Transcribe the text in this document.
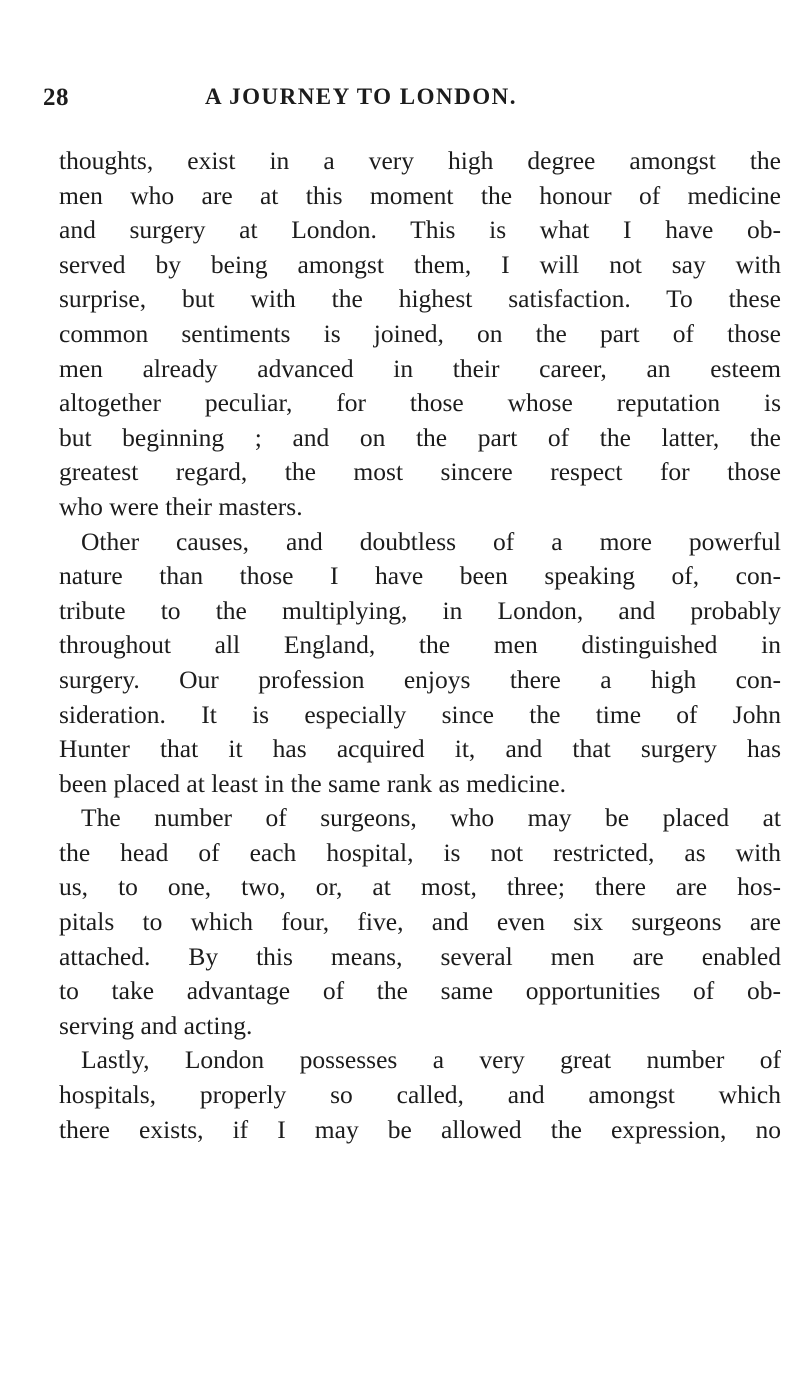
28	A JOURNEY TO LONDON.
thoughts, exist in a very high degree amongst the
men who are at this moment the honour of medicine
and surgery at London. This is what I have ob-
served by being amongst them, I will not say with
surprise, but with the highest satisfaction. To these
common sentiments is joined, on the part of those
men already advanced in their career, an esteem
altogether peculiar, for those whose reputation is
but beginning ; and on the part of the latter, the
greatest regard, the most sincere respect for those
who were their masters.
Other causes, and doubtless of a more powerful
nature than those I have been speaking of, con-
tribute to the multiplying, in London, and probably
throughout all England, the men distinguished in
surgery. Our profession enjoys there a high con-
sideration. It is especially since the time of John
Hunter that it has acquired it, and that surgery has
been placed at least in the same rank as medicine.
The number of surgeons, who may be placed at
the head of each hospital, is not restricted, as with
us, to one, two, or, at most, three; there are hos-
pitals to which four, five, and even six surgeons are
attached. By this means, several men are enabled
to take advantage of the same opportunities of ob-
serving and acting.
Lastly, London possesses a very great number of
hospitals, properly so called, and amongst which
there exists, if I may be allowed the expression, no
